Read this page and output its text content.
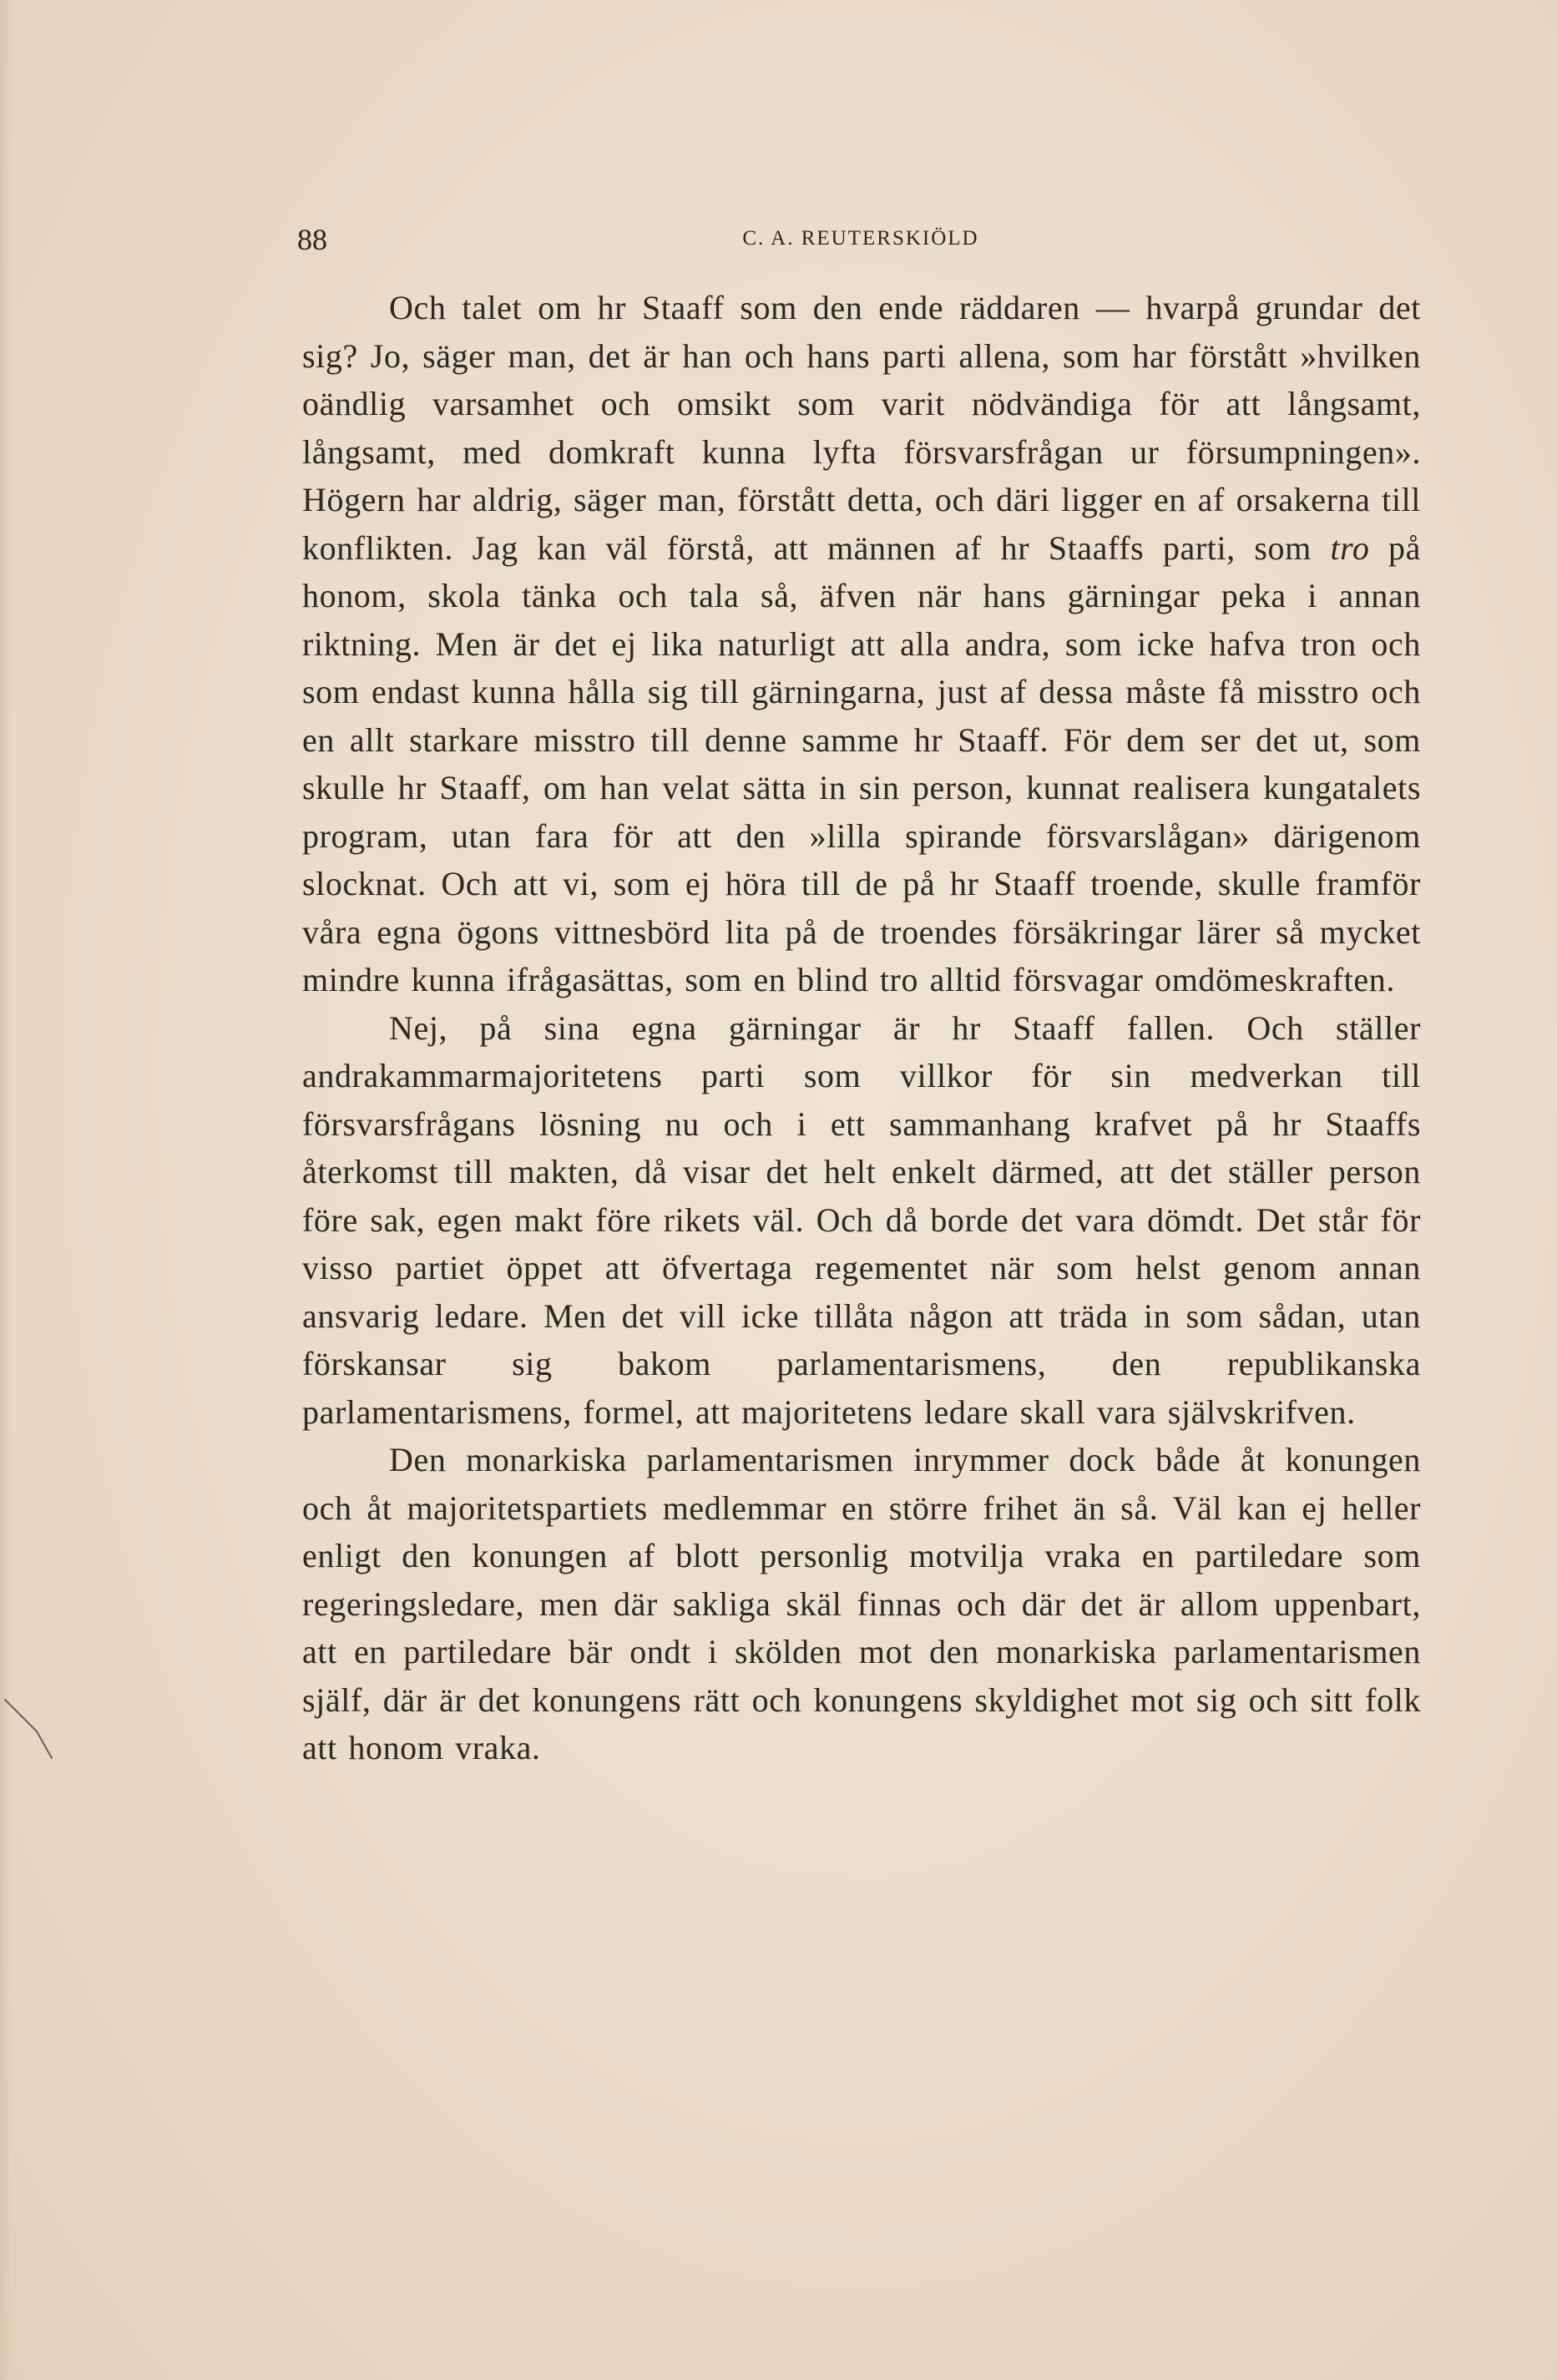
88	C. A. REUTERSKIÖLD

Och talet om hr Staaff som den ende räddaren — hvarpå grundar det sig? Jo, säger man, det är han och hans parti allena, som har förstått »hvilken oändlig varsamhet och omsikt som varit nödvändiga för att långsamt, långsamt, med domkraft kunna lyfta försvarsfrågan ur försumpningen». Högern har aldrig, säger man, förstått detta, och däri ligger en af orsakerna till konflikten. Jag kan väl förstå, att männen af hr Staaffs parti, som tro på honom, skola tänka och tala så, äfven när hans gärningar peka i annan riktning. Men är det ej lika naturligt att alla andra, som icke hafva tron och som endast kunna hålla sig till gärningarna, just af dessa måste få misstro och en allt starkare misstro till denne samme hr Staaff. För dem ser det ut, som skulle hr Staaff, om han velat sätta in sin person, kunnat realisera kungatalets program, utan fara för att den »lilla spirande försvarslågan» därigenom slocknat. Och att vi, som ej höra till de på hr Staaff troende, skulle framför våra egna ögons vittnesbörd lita på de troendes försäkringar lärer så mycket mindre kunna ifrågasättas, som en blind tro alltid försvagar omdömeskraften.

Nej, på sina egna gärningar är hr Staaff fallen. Och ställer andrakammarmajoritetens parti som villkor för sin medverkan till försvarsfrågans lösning nu och i ett sammanhang krafvet på hr Staaffs återkomst till makten, då visar det helt enkelt därmed, att det ställer person före sak, egen makt före rikets väl. Och då borde det vara dömdt. Det står för visso partiet öppet att öfvertaga regementet när som helst genom annan ansvarig ledare. Men det vill icke tillåta någon att träda in som sådan, utan förskansar sig bakom parlamentarismens, den republikanska parlamentarismens, formel, att majoritetens ledare skall vara självskrifven.

Den monarkiska parlamentarismen inrymmer dock både åt konungen och åt majoritetspartiets medlemmar en större frihet än så. Väl kan ej heller enligt den konungen af blott personlig motvilja vraka en partiledare som regeringsledare, men där sakliga skäl finnas och där det är allom uppenbart, att en partiledare bär ondt i skölden mot den monarkiska parlamentarismen själf, där är det konungens rätt och konungens skyldighet mot sig och sitt folk att honom vraka.
